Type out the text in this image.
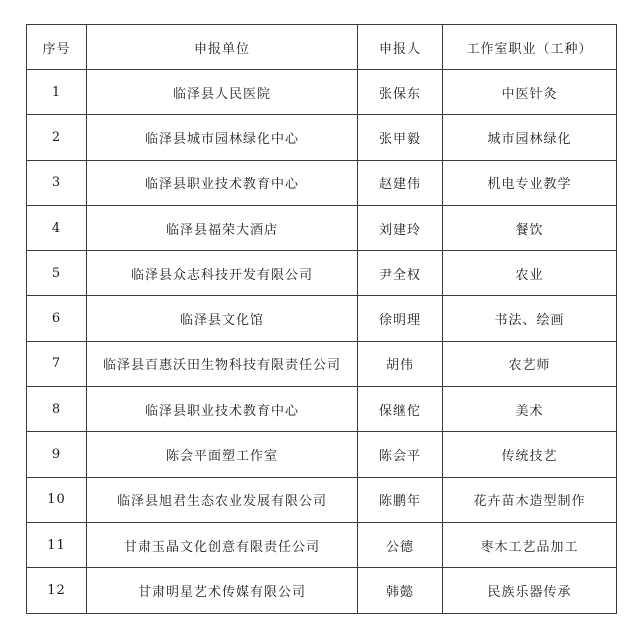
序号	申报单位	申报人	工作室职业（工种）
1	临泽县人民医院	张保东	中医针灸
2	临泽县城市园林绿化中心	张甲毅	城市园林绿化
3	临泽县职业技术教育中心	赵建伟	机电专业教学
4	临泽县福荣大酒店	刘建玲	餐饮
5	临泽县众志科技开发有限公司	尹全权	农业
6	临泽县文化馆	徐明理	书法、绘画
7	临泽县百惠沃田生物科技有限责任公司	胡伟	农艺师
8	临泽县职业技术教育中心	保继佗	美术
9	陈会平面塑工作室	陈会平	传统技艺
10	临泽县旭君生态农业发展有限公司	陈鹏年	花卉苗木造型制作
11	甘肃玉晶文化创意有限责任公司	公德	枣木工艺品加工
12	甘肃明星艺术传媒有限公司	韩懿	民族乐器传承
